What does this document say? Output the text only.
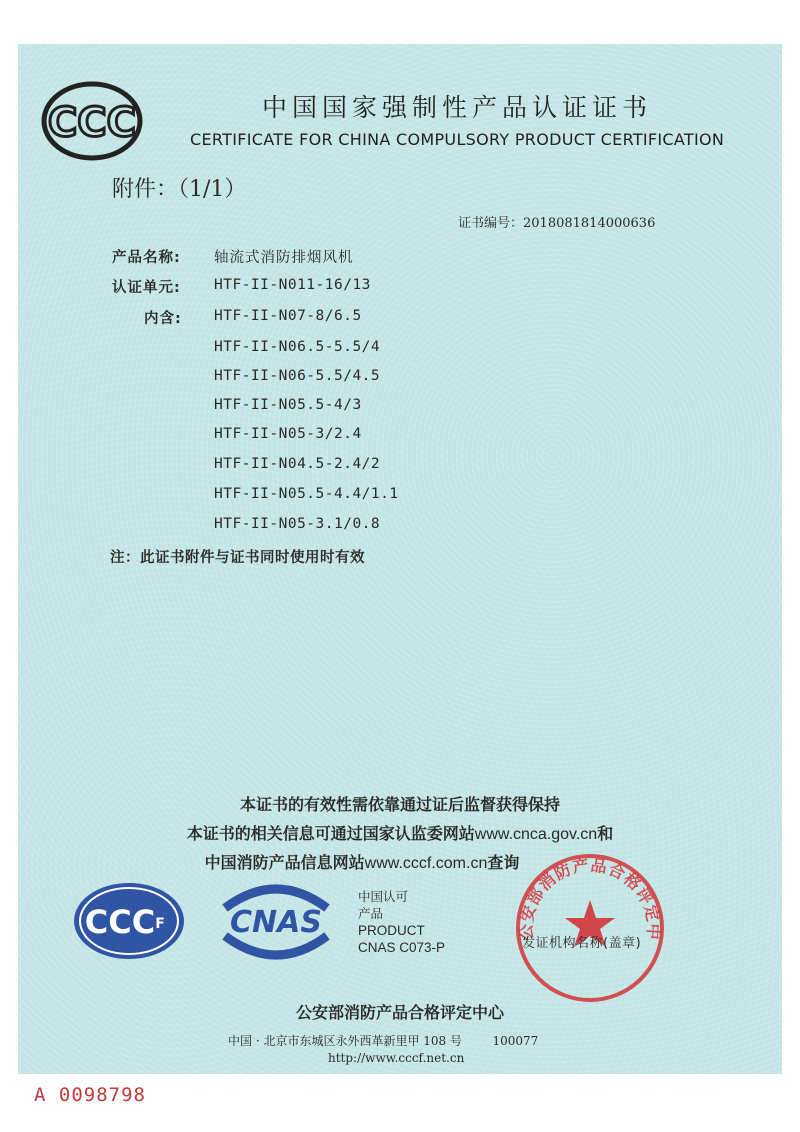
CCC	中国国家强制性产品认证证书
CERTIFICATE FOR CHINA COMPULSORY PRODUCT CERTIFICATION
附件：（1/1）
证书编号：2018081814000636
产品名称: 轴流式消防排烟风机
认证单元: HTF-II-N011-16/13
内含: HTF-II-N07-8/6.5
HTF-II-N06.5-5.5/4
HTF-II-N06-5.5/4.5
HTF-II-N05.5-4/3
HTF-II-N05-3/2.4
HTF-II-N04.5-2.4/2
HTF-II-N05.5-4.4/1.1
HTF-II-N05-3.1/0.8
注：此证书附件与证书同时使用时有效
本证书的有效性需依靠通过证后监督获得保持
本证书的相关信息可通过国家认监委网站www.cnca.gov.cn和
中国消防产品信息网站www.cccf.com.cn查询
CCC F CNAS
中国认可
产品
PRODUCT
CNAS C073-P
公安部消防产品合格评定中
发证机构名称(盖章)
公安部消防产品合格评定中心
中国 · 北京市东城区永外西革新里甲 108 号        100077
http://www.cccf.net.cn
A 0098798
